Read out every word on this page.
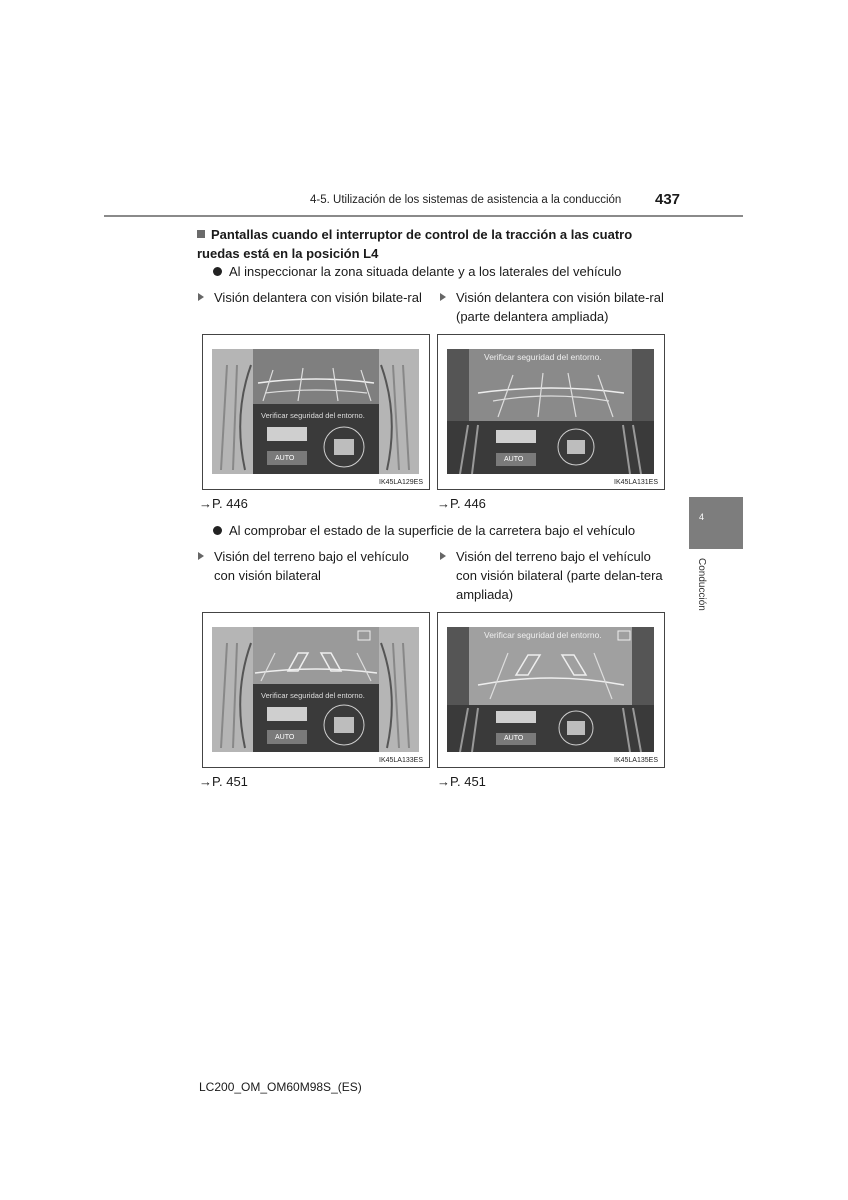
4-5. Utilización de los sistemas de asistencia a la conducción 437
4
Conducción
Pantallas cuando el interruptor de control de la tracción a las cuatro ruedas está en la posición L4
Al inspeccionar la zona situada delante y a los laterales del vehículo
Visión delantera con visión bilate-ral	Visión delantera con visión bilate-ral (parte delantera ampliada)
Verificar seguridad del entorno.
AUTO
IK45LA129ES
Verificar seguridad del entorno.
AUTO
IK45LA131ES
→P. 446	→P. 446
Al comprobar el estado de la superficie de la carretera bajo el vehículo
Visión del terreno bajo el vehículo con visión bilateral
Visión del terreno bajo el vehículo con visión bilateral (parte delan-tera ampliada)
Verificar seguridad del entorno.
AUTO
IK45LA133ES
Verificar seguridad del entorno.
AUTO
IK45LA135ES
→P. 451	→P. 451
LC200_OM_OM60M98S_(ES)
